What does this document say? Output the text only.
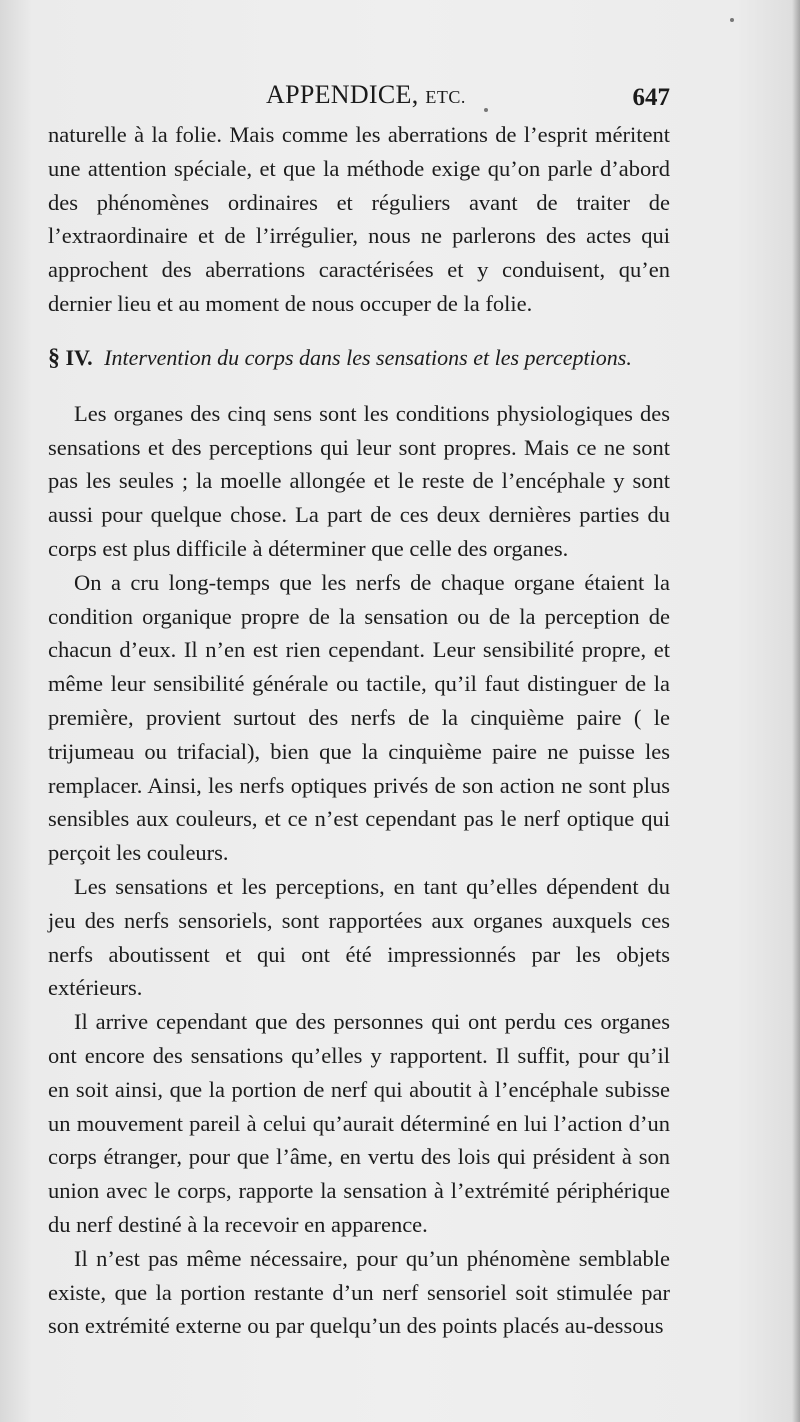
APPENDICE, ETC.	647

naturelle à la folie. Mais comme les aberrations de l’esprit méritent une attention spéciale, et que la méthode exige qu’on parle d’abord des phénomènes ordinaires et réguliers avant de traiter de l’extraordinaire et de l’irrégulier, nous ne parlerons des actes qui approchent des aberrations caractérisées et y conduisent, qu’en dernier lieu et au moment de nous occuper de la folie.

§ IV. Intervention du corps dans les sensations et les perceptions.

Les organes des cinq sens sont les conditions physiologiques des sensations et des perceptions qui leur sont propres. Mais ce ne sont pas les seules ; la moelle allongée et le reste de l’encéphale y sont aussi pour quelque chose. La part de ces deux dernières parties du corps est plus difficile à déterminer que celle des organes.

On a cru long-temps que les nerfs de chaque organe étaient la condition organique propre de la sensation ou de la perception de chacun d’eux. Il n’en est rien cependant. Leur sensibilité propre, et même leur sensibilité générale ou tactile, qu’il faut distinguer de la première, provient surtout des nerfs de la cinquième paire ( le trijumeau ou trifacial), bien que la cinquième paire ne puisse les remplacer. Ainsi, les nerfs optiques privés de son action ne sont plus sensibles aux couleurs, et ce n’est cependant pas le nerf optique qui perçoit les couleurs.

Les sensations et les perceptions, en tant qu’elles dépendent du jeu des nerfs sensoriels, sont rapportées aux organes auxquels ces nerfs aboutissent et qui ont été impressionnés par les objets extérieurs.

Il arrive cependant que des personnes qui ont perdu ces organes ont encore des sensations qu’elles y rapportent. Il suffit, pour qu’il en soit ainsi, que la portion de nerf qui aboutit à l’encéphale subisse un mouvement pareil à celui qu’aurait déterminé en lui l’action d’un corps étranger, pour que l’âme, en vertu des lois qui président à son union avec le corps, rapporte la sensation à l’extrémité périphérique du nerf destiné à la recevoir en apparence.

Il n’est pas même nécessaire, pour qu’un phénomène semblable existe, que la portion restante d’un nerf sensoriel soit stimulée par son extrémité externe ou par quelqu’un des points placés au-dessous
